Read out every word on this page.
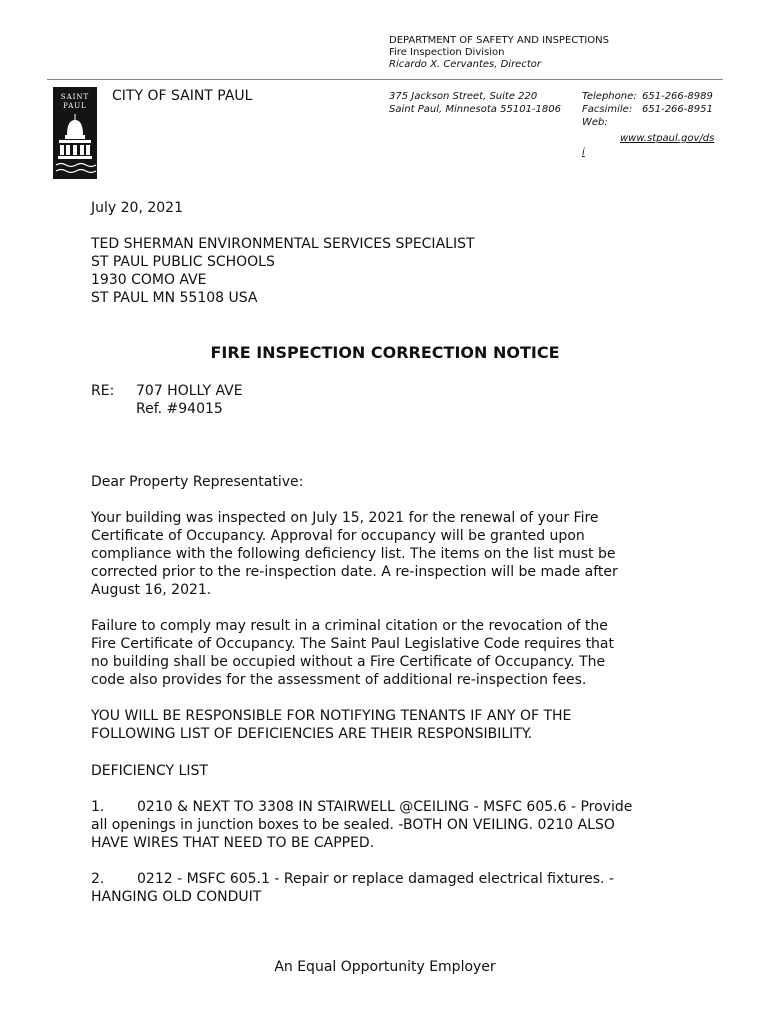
DEPARTMENT OF SAFETY AND INSPECTIONS
Fire Inspection Division
Ricardo X. Cervantes, Director
SAINT
PAUL
CITY OF SAINT PAUL	375 Jackson Street, Suite 220
Saint Paul, Minnesota 55101-1806
Telephone: 651-266-8989
Facsimile: 651-266-8951
Web:
www.stpaul.gov/ds
i
July 20, 2021
TED SHERMAN ENVIRONMENTAL SERVICES SPECIALIST
ST PAUL PUBLIC SCHOOLS
1930 COMO AVE
ST PAUL MN 55108 USA
FIRE INSPECTION CORRECTION NOTICE
RE: 707 HOLLY AVE
Ref. #94015
Dear Property Representative:
Your building was inspected on July 15, 2021 for the renewal of your Fire
Certificate of Occupancy. Approval for occupancy will be granted upon
compliance with the following deficiency list. The items on the list must be
corrected prior to the re-inspection date. A re-inspection will be made after
August 16, 2021.
Failure to comply may result in a criminal citation or the revocation of the
Fire Certificate of Occupancy. The Saint Paul Legislative Code requires that
no building shall be occupied without a Fire Certificate of Occupancy. The
code also provides for the assessment of additional re-inspection fees.
YOU WILL BE RESPONSIBLE FOR NOTIFYING TENANTS IF ANY OF THE
FOLLOWING LIST OF DEFICIENCIES ARE THEIR RESPONSIBILITY.
DEFICIENCY LIST
1. 0210 & NEXT TO 3308 IN STAIRWELL @CEILING - MSFC 605.6 - Provide
all openings in junction boxes to be sealed. -BOTH ON VEILING. 0210 ALSO
HAVE WIRES THAT NEED TO BE CAPPED.
2. 0212 - MSFC 605.1 - Repair or replace damaged electrical fixtures. -
HANGING OLD CONDUIT
An Equal Opportunity Employer
